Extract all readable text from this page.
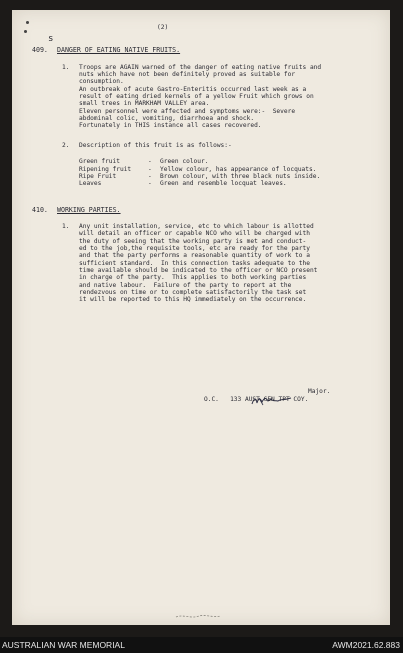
(2)
s
409. DANGER OF EATING NATIVE FRUITS.
1. Troops are AGAIN warned of the danger of eating native fruits and
nuts which have not been definitely proved as suitable for
consumption.
An outbreak of acute Gastro-Enteritis occurred last week as a
result of eating dried kernels of a yellow Fruit which grows on
small trees in MARKHAM VALLEY area.
Eleven personnel were affected and symptoms were:-  Severe
abdominal colic, vomiting, diarrhoea and shock.
Fortunately in THIS instance all cases recovered.
2. Description of this fruit is as follows:-
Green fruit	- Green colour.
Ripening fruit	- Yellow colour, has appearance of locquats.
Ripe Fruit	- Brown colour, with three black nuts inside.
Leaves	- Green and resemble locquat leaves.
410. WORKING PARTIES.
1. Any unit installation, service, etc to which labour is allotted
will detail an officer or capable NCO who will be charged with
the duty of seeing that the working party is met and conduct-
ed to the job,the requisite tools, etc are ready for the party
and that the party performs a reasonable quantity of work to a
sufficient standard.  In this connection tasks adequate to the
time available should be indicated to the officer or NCO present
in charge of the party.  This applies to both working parties
and native labour.  Failure of the party to report at the
rendezvous on time or to complete satisfactorily the task set
it will be reported to this HQ immediately on the occurrence.
Major.
O.C.   133 AUST GEN TPT COY.
AUSTRALIAN WAR MEMORIAL	AWM2021.62.883
